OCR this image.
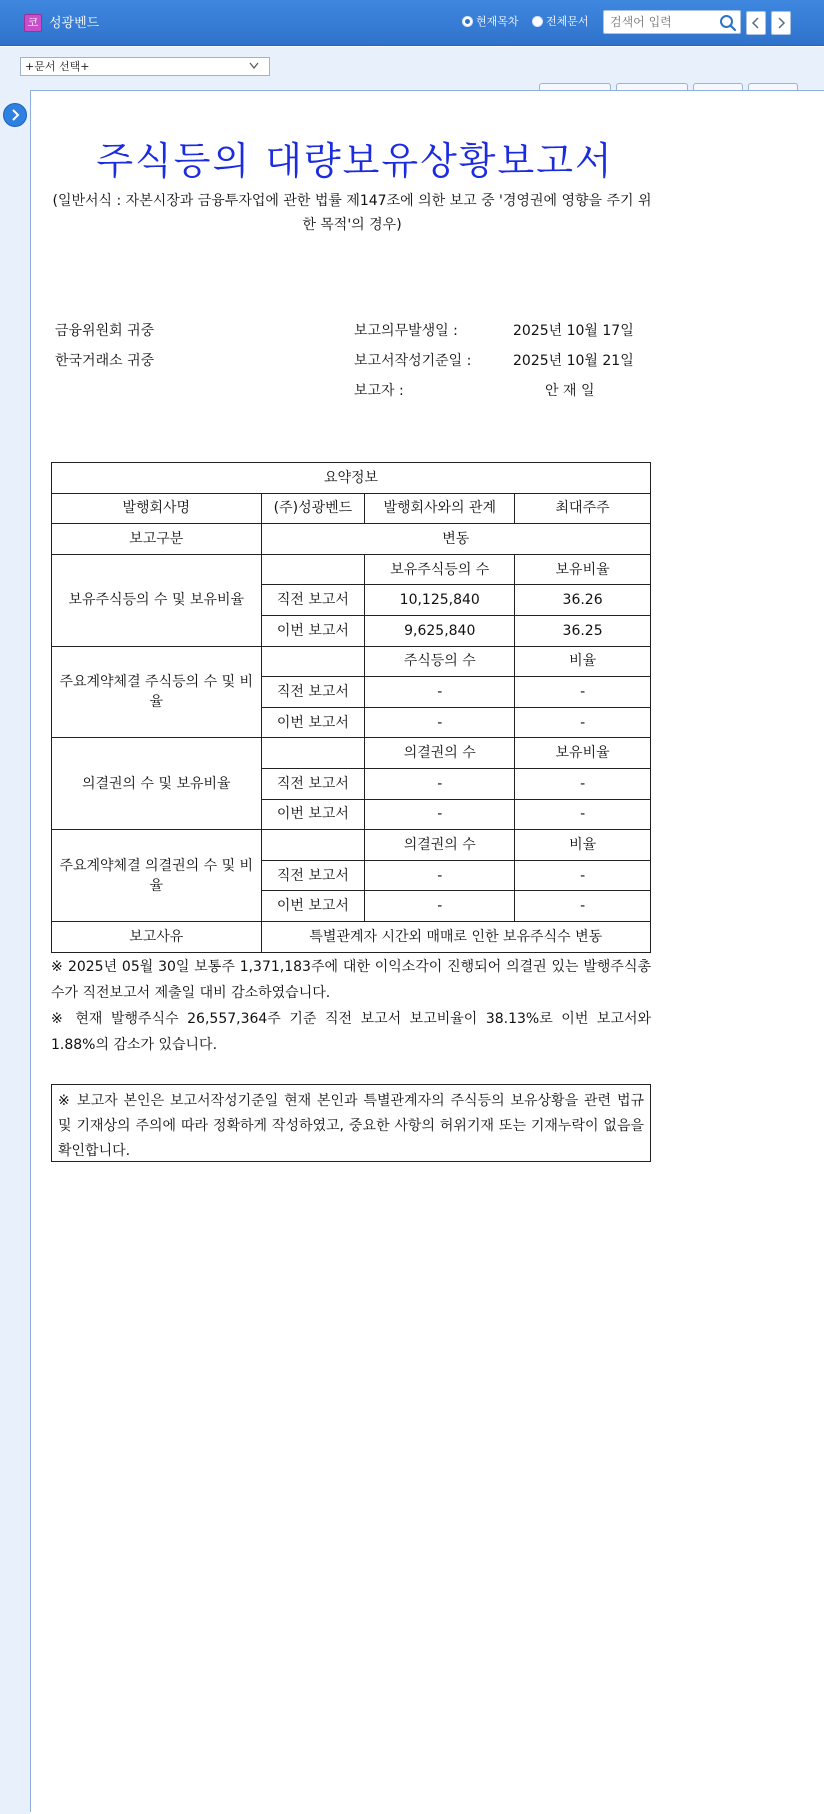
코 성광벤드	현재목차 전체문서
검색어 입력
+문서 선택+
주식등의 대량보유상황보고서
(일반서식 : 자본시장과 금융투자업에 관한 법률 제147조에 의한 보고 중 '경영권에 영향을 주기 위한 목적'의 경우)
금융위원회 귀중
한국거래소 귀중
보고의무발생일 :	2025년 10월 17일
보고서작성기준일 :	2025년 10월 21일
보고자 :	안 재 일
요약정보			
발행회사명	(주)성광벤드	발행회사와의 관계	최대주주
보고구분	변동		
보유주식등의 수 및 보유비율		보유주식등의 수	보유비율
	직전 보고서	10,125,840	36.26
	이번 보고서	9,625,840	36.25
주요계약체결 주식등의 수 및 비율		주식등의 수	비율
	직전 보고서	-	-
	이번 보고서	-	-
의결권의 수 및 보유비율		의결권의 수	보유비율
	직전 보고서	-	-
	이번 보고서	-	-
주요계약체결 의결권의 수 및 비율		의결권의 수	비율
	직전 보고서	-	-
	이번 보고서	-	-
보고사유	특별관계자 시간외 매매로 인한 보유주식수 변동		
※ 2025년 05월 30일 보통주 1,371,183주에 대한 이익소각이 진행되어 의결권 있는 발행주식총수가 직전보고서 제출일 대비 감소하였습니다.
※ 현재 발행주식수 26,557,364주 기준 직전 보고서 보고비율이 38.13%로 이번 보고서와 1.88%의 감소가 있습니다.
※ 보고자 본인은 보고서작성기준일 현재 본인과 특별관계자의 주식등의 보유상황을 관련 법규 및 기재상의 주의에 따라 정확하게 작성하였고, 중요한 사항의 허위기재 또는 기재누락이 없음을 확인합니다.
